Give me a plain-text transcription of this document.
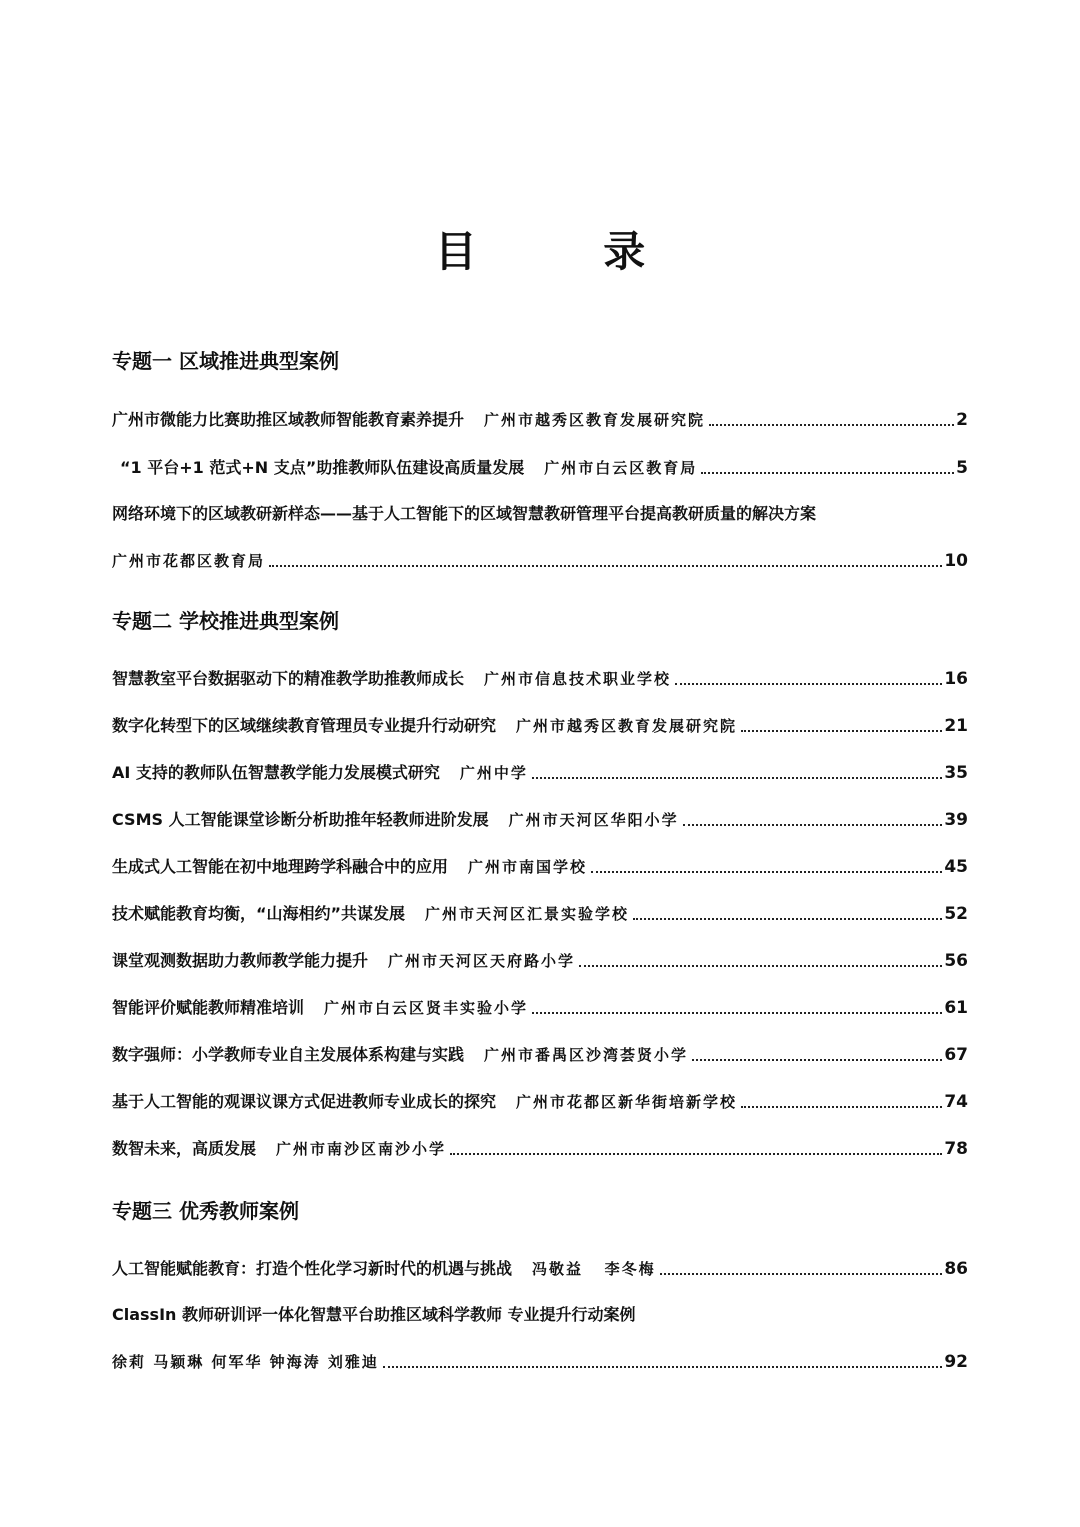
目 录
专题一 区域推进典型案例
广州市微能力比赛助推区域教师智能教育素养提升 广州市越秀区教育发展研究院	2
“1 平台+1 范式+N 支点”助推教师队伍建设高质量发展 广州市白云区教育局	5
网络环境下的区域教研新样态——基于人工智能下的区域智慧教研管理平台提高教研质量的解决方案
广州市花都区教育局	10
专题二 学校推进典型案例
智慧教室平台数据驱动下的精准教学助推教师成长 广州市信息技术职业学校	16
数字化转型下的区域继续教育管理员专业提升行动研究 广州市越秀区教育发展研究院	21
AI 支持的教师队伍智慧教学能力发展模式研究 广州中学	35
CSMS 人工智能课堂诊断分析助推年轻教师进阶发展 广州市天河区华阳小学	39
生成式人工智能在初中地理跨学科融合中的应用 广州市南国学校	45
技术赋能教育均衡，“山海相约”共谋发展 广州市天河区汇景实验学校	52
课堂观测数据助力教师教学能力提升 广州市天河区天府路小学	56
智能评价赋能教师精准培训 广州市白云区贤丰实验小学	61
数字强师：小学教师专业自主发展体系构建与实践 广州市番禺区沙湾荟贤小学	67
基于人工智能的观课议课方式促进教师专业成长的探究 广州市花都区新华街培新学校	74
数智未来，高质发展 广州市南沙区南沙小学	78
专题三 优秀教师案例
人工智能赋能教育：打造个性化学习新时代的机遇与挑战 冯敬益   李冬梅	86
ClassIn 教师研训评一体化智慧平台助推区域科学教师 专业提升行动案例
徐莉 马颖琳 何军华 钟海涛 刘雅迪	92
